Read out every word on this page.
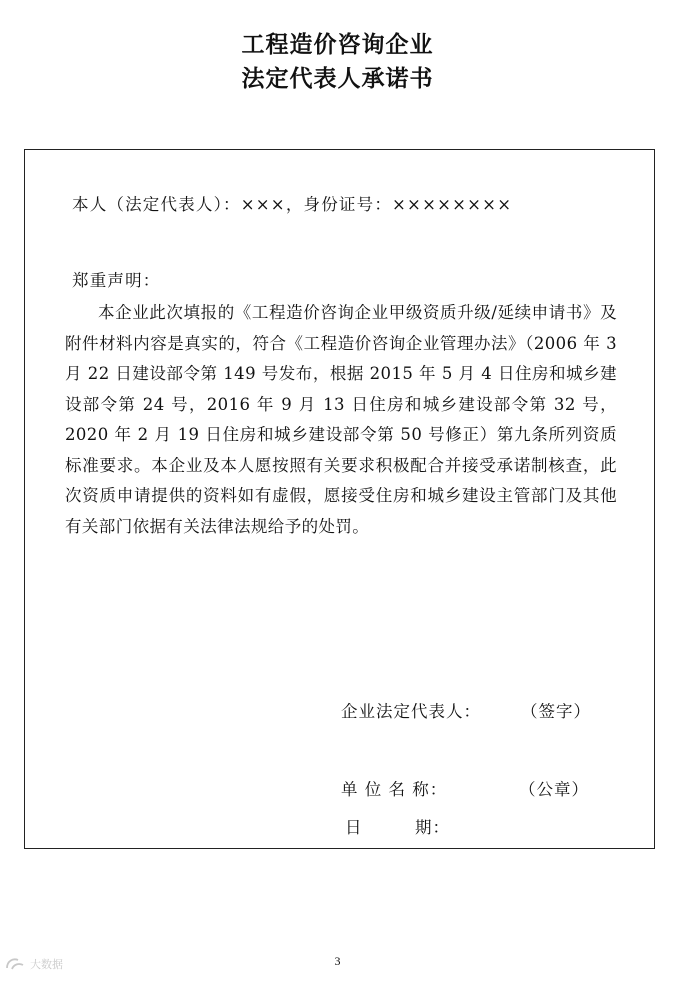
工程造价咨询企业
法定代表人承诺书
本人（法定代表人）：×××，身份证号：××××××××
郑重声明：
本企业此次填报的《工程造价咨询企业甲级资质升级/延续申请书》及附件材料内容是真实的，符合《工程造价咨询企业管理办法》（2006 年 3 月 22 日建设部令第 149 号发布，根据 2015 年 5 月 4 日住房和城乡建设部令第 24 号，2016 年 9 月 13 日住房和城乡建设部令第 32 号，2020 年 2 月 19 日住房和城乡建设部令第 50 号修正）第九条所列资质标准要求。本企业及本人愿按照有关要求积极配合并接受承诺制核查，此次资质申请提供的资料如有虚假，愿接受住房和城乡建设主管部门及其他有关部门依据有关法律法规给予的处罚。
企业法定代表人： （签字）
单 位 名 称：	（公章）
日　　　期：
3
大数据
